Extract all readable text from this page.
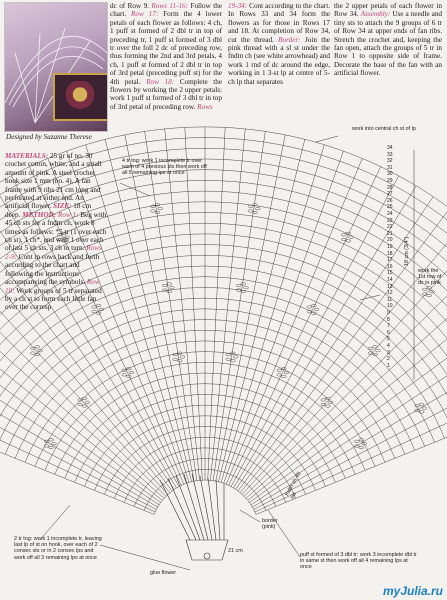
Designed by Suzanne Therese
MATERIALS: 25 gr of no. 30 crochet cotton, white, and a small amount of pink. A steel crochet hook size 1 mm (no. 4). A fan frame with 9 ribs 21 cm long and perforated at either end. An artificial flower. SIZE: 18 cm deep. METHOD: Row 1: Beg with 45 ch sts for a fndtn ch, work 8 times as follows: *5 tr (1 over each ch st), 1 ch*, end with 1 over each of last 5 ch sts, 3 ch to turn. Rows 2-9: Cont in rows back and forth according to the chart and following the instructions accompanying the symbols. Row 10: Work groups of 5 tr separated by a ch st to form each little fan over the corresp
dc of Row 9. Rows 11-16: Follow the chart. Row 17: Form the 4 lower petals of each flower as follows: 4 ch, 1 puff st formed of 2 dbl tr in top of preceding tr, 1 puff st formed of 3 dbl tr over the foll 2 dc of preceding row, thus forming the 2nd and 3rd petals, 4 ch, 1 puff st formed of 2 dbl tr in top of 3rd petal (preceding puff st) for the 4th petal. Row 18: Complete the flowers by working the 2 upper petals: work 1 puff st formed of 3 dbl tr in top of 3rd petal of preceding row. Rows
19-34: Cont according to the chart. In Rows 33 and 34 form the flowers as for those in Rows 17 and 18. At completion of Row 34, cut the thread. Border: Join the pink thread with a sl st under the fndtn ch (see white arrowhead) and work 1 rnd of dc around the edge, working in 1 3-st lp at centre of 5-ch lp that separates
the 2 upper petals of each flower in Row 34. Assembly: Use a needle and tiny sts to attach the 9 groups of 6 tr of Row 34 at upper ends of fan ribs. Stretch the crochet and, keeping the fan open, attach the groups of 5 tr in Row 1 to opposite side of frame. Decorate the base of the fan with an artificial flower.
work into central ch st of lp
4 tr tog: work 1 incomplete tr over each of 4 previous sts then work off all 5 remaining lps at once
work the 1st row of dc in pink
2 tr tog: work 1 incomplete tr, leaving last lp of st on hook, over each of 2 consec sts or in 2 consec lps and work off all 3 remaining lps at once	puff st formed of 3 dbl tr: work 3 incomplete dbl tr in same st then work off all 4 remaining lps at once
border (pink)
fndtn ch 45 sts
glue flower
21 cm
18 cm (3/4")
34
33
32
31
30
29
28
27
26
25
24
23
22
21
20
19
18
17
16
15
14
13
12
11
10
9
8
7
6
5
4
3
2
1
myJulia.ru
